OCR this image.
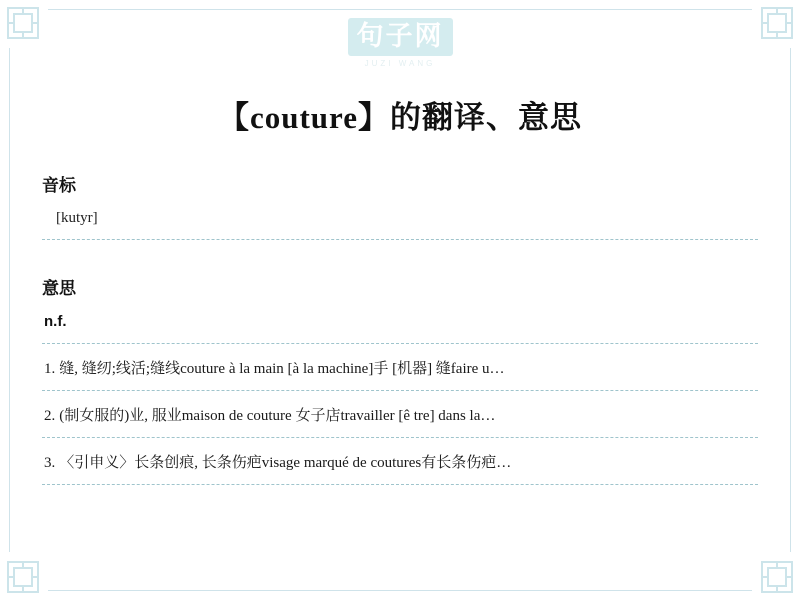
句子网
JUZI WANG
【couture】的翻译、意思
音标
[kutyr]
意思
n.f.
1. 缝, 缝纫;线活;缝线couture à la main [à la machine]手 [机器] 缝faire u…
2. (制女服的)业, 服业maison de couture 女子店travailler [ê tre] dans la…
3. 〈引申义〉长条创痕, 长条伤疤visage marqué de coutures有长条伤疤…
